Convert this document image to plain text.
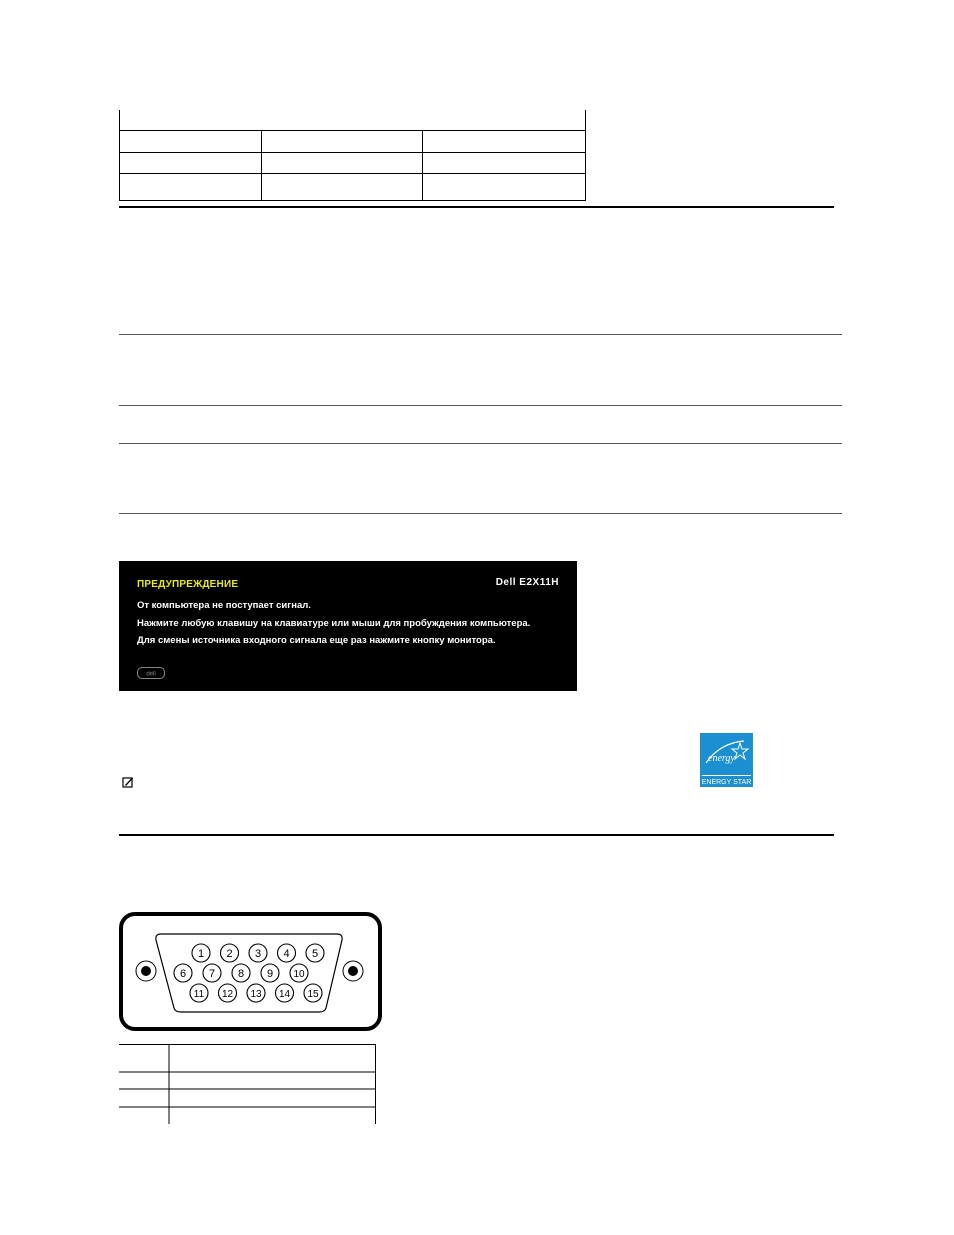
ПРЕДУПРЕЖДЕНИЕ	Dell E2X11H
От компьютера не поступает сигнал.
Нажмите любую клавишу на клавиатуре или мыши для пробуждения компьютера.
Для смены источника входного сигнала еще раз нажмите кнопку монитора.
dell
energy
ENERGY STAR
1 2 3 4 5
6 7 8 9 10
11 12 13 14 15
